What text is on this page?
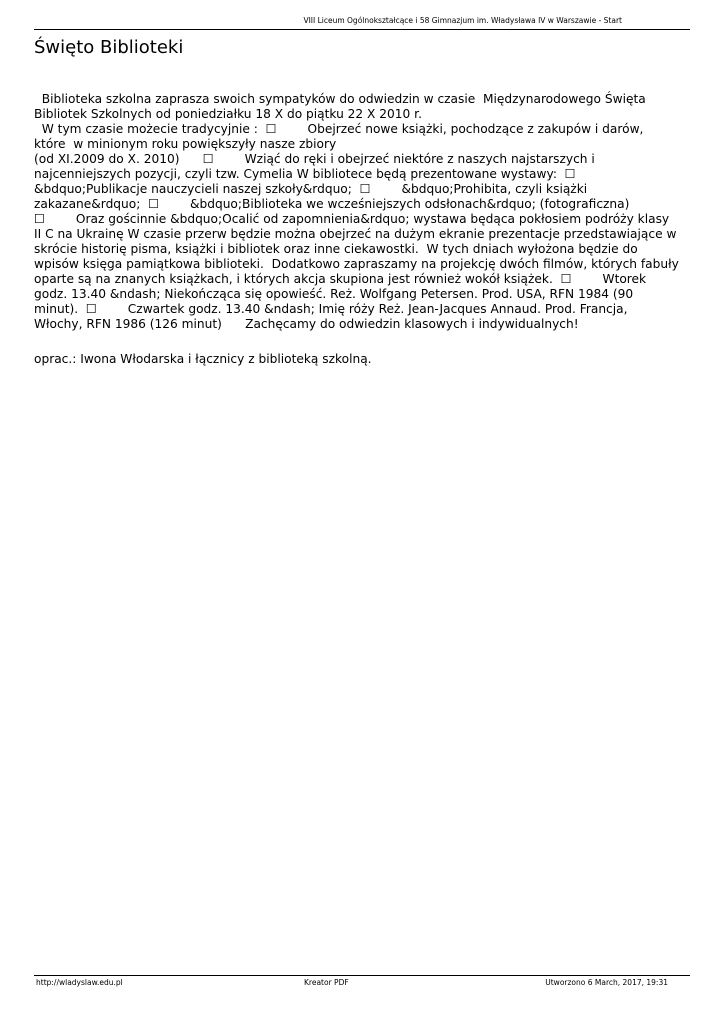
VIII Liceum Ogólnokształcące i 58 Gimnazjum im. Władysława IV w Warszawie - Start
Święto Biblioteki
Biblioteka szkolna zaprasza swoich sympatyków do odwiedzin w czasie  Międzynarodowego Święta
Bibliotek Szkolnych od poniedziałku 18 X do piątku 22 X 2010 r.
W tym czasie możecie tradycyjnie :  ☐        Obejrzeć nowe książki, pochodzące z zakupów i darów,
które  w minionym roku powiększyły nasze zbiory
(od XI.2009 do X. 2010)      ☐        Wziąć do ręki i obejrzeć niektóre z naszych najstarszych i
najcenniejszych pozycji, czyli tzw. Cymelia W bibliotece będą prezentowane wystawy:  ☐
&bdquo;Publikacje nauczycieli naszej szkoły&rdquo;  ☐        &bdquo;Prohibita, czyli książki
zakazane&rdquo;  ☐        &bdquo;Biblioteka we wcześniejszych odsłonach&rdquo; (fotograficzna)
☐        Oraz gościnnie &bdquo;Ocalić od zapomnienia&rdquo; wystawa będąca pokłosiem podróży klasy
II C na Ukrainę W czasie przerw będzie można obejrzeć na dużym ekranie prezentacje przedstawiające w
skrócie historię pisma, książki i bibliotek oraz inne ciekawostki.  W tych dniach wyłożona będzie do
wpisów księga pamiątkowa biblioteki.  Dodatkowo zapraszamy na projekcję dwóch filmów, których fabuły
oparte są na znanych książkach, i których akcja skupiona jest również wokół książek.  ☐        Wtorek
godz. 13.40 &ndash; Niekończąca się opowieść. Reż. Wolfgang Petersen. Prod. USA, RFN 1984 (90
minut).  ☐        Czwartek godz. 13.40 &ndash; Imię róży Reż. Jean-Jacques Annaud. Prod. Francja,
Włochy, RFN 1986 (126 minut)      Zachęcamy do odwiedzin klasowych i indywidualnych!

oprac.: Iwona Włodarska i łącznicy z biblioteką szkolną.

http://wladyslaw.edu.pl	Kreator PDF	Utworzono 6 March, 2017, 19:31
